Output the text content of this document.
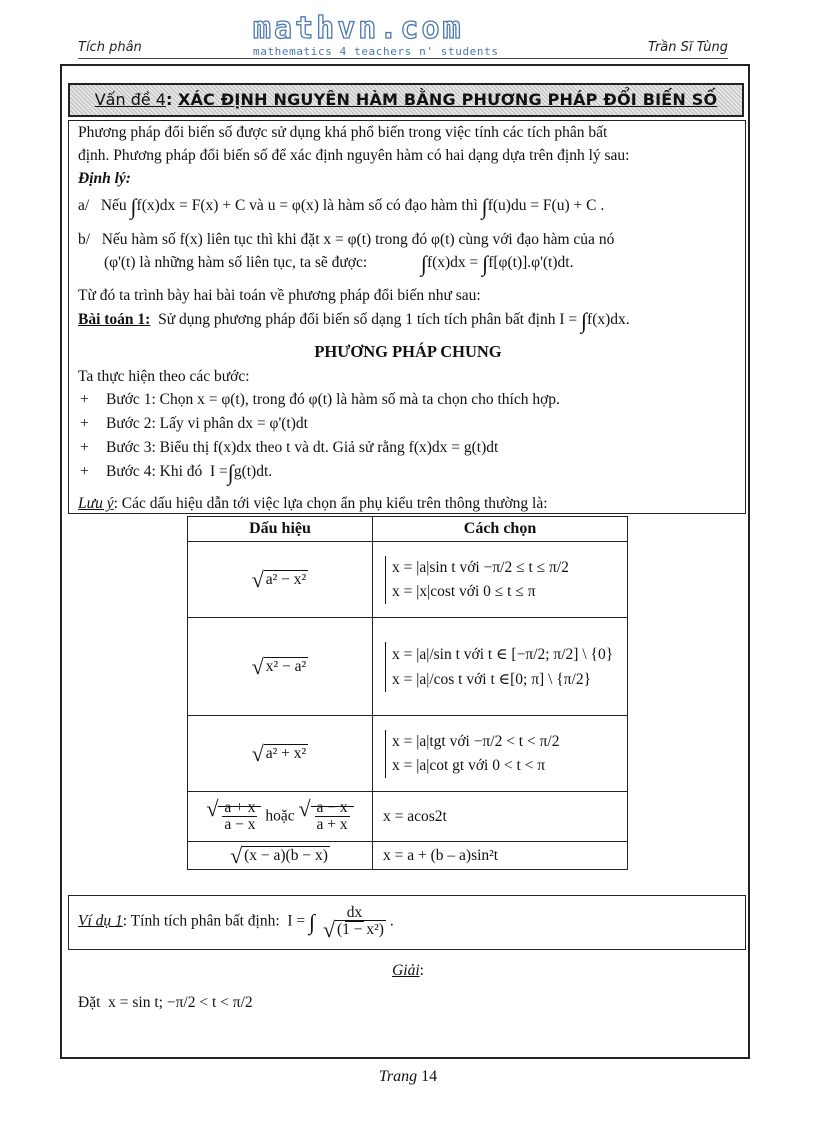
Tích phân
mathvn.com
mathematics 4 teachers n' students	Trần Sĩ Tùng
Vấn đề 4: XÁC ĐỊNH NGUYÊN HÀM BẰNG PHƯƠNG PHÁP ĐỔI BIẾN SỐ
Phương pháp đổi biến số được sử dụng khá phổ biến trong việc tính các tích phân bất
định. Phương pháp đổi biến số để xác định nguyên hàm có hai dạng dựa trên định lý sau:
Định lý:
a/ Nếu ∫f(x)dx = F(x) + C và u = φ(x) là hàm số có đạo hàm thì ∫f(u)du = F(u) + C .
b/ Nếu hàm số f(x) liên tục thì khi đặt x = φ(t) trong đó φ(t) cùng với đạo hàm của nó
(φ'(t) là những hàm số liên tục, ta sẽ được: ∫f(x)dx = ∫f[φ(t)].φ'(t)dt.
Từ đó ta trình bày hai bài toán về phương pháp đổi biến như sau:
Bài toán 1: Sử dụng phương pháp đổi biến số dạng 1 tích tích phân bất định I = ∫f(x)dx.
PHƯƠNG PHÁP CHUNG
Ta thực hiện theo các bước:
+ Bước 1: Chọn x = φ(t), trong đó φ(t) là hàm số mà ta chọn cho thích hợp.
+ Bước 2: Lấy vi phân dx = φ'(t)dt
+ Bước 3: Biểu thị f(x)dx theo t và dt. Giả sử rằng f(x)dx = g(t)dt
+ Bước 4: Khi đó I =∫g(t)dt.
Lưu ý: Các dấu hiệu dẫn tới việc lựa chọn ẩn phụ kiểu trên thông thường là:
Dấu hiệu	Cách chọn
√ a² − x²	x = |a|sin t với −π/2 ≤ t ≤ π/2
x = |x|cost với 0 ≤ t ≤ π

√ x² − a²	x = |a|/sin t với t ∈ [−π/2; π/2] \ {0}
x = |a|/cos t với t ∈[0; π] \ {π/2}

√ a² + x²	x = |a|tgt với −π/2 < t < π/2
x = |a|cot gt với 0 < t < π

√ $\frac{a + x}{a - x}$ hoặc √ $\frac{a - x}{a + x}$	x = acos2t
√ (x − a)(b − x)	x = a + (b – a)sin²t
Ví dụ 1: Tính tích phân bất định: I = ∫ dx
√ (1 − x²) .
Giải:
Đặt x = sin t; −π/2 < t < π/2
Trang 14
